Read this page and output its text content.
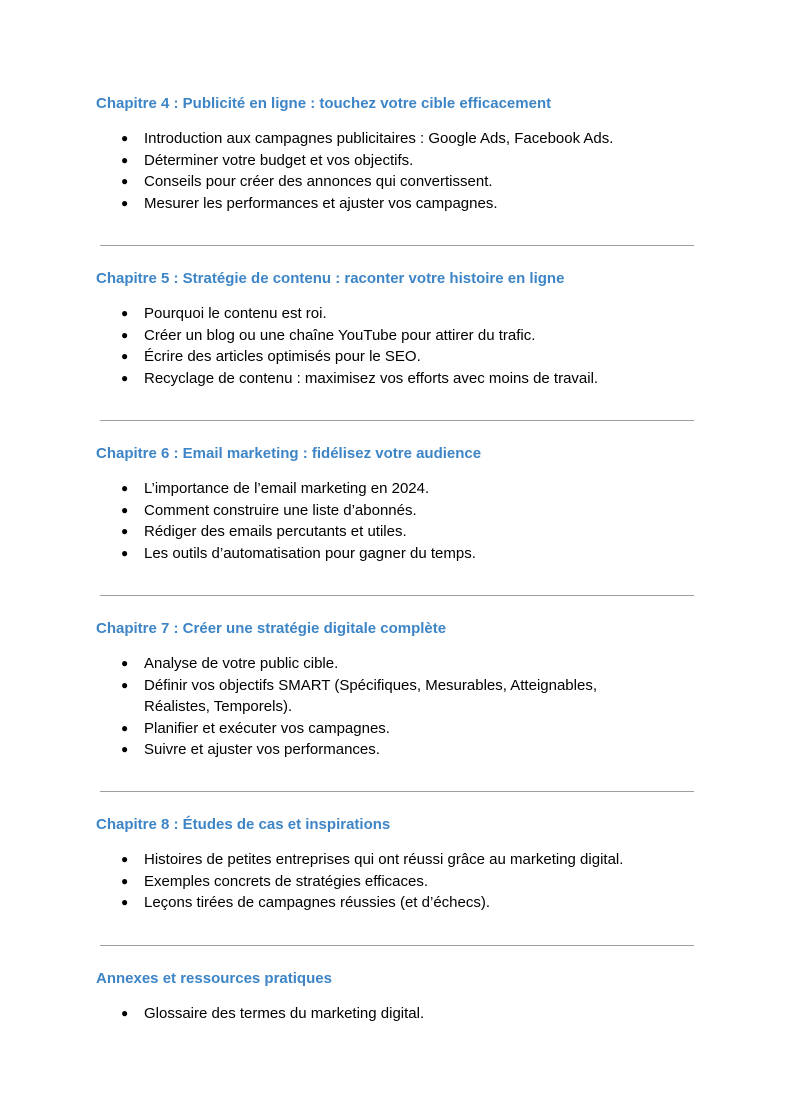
Chapitre 4 : Publicité en ligne : touchez votre cible efficacement
● Introduction aux campagnes publicitaires : Google Ads, Facebook Ads.
● Déterminer votre budget et vos objectifs.
● Conseils pour créer des annonces qui convertissent.
● Mesurer les performances et ajuster vos campagnes.
Chapitre 5 : Stratégie de contenu : raconter votre histoire en ligne
● Pourquoi le contenu est roi.
● Créer un blog ou une chaîne YouTube pour attirer du trafic.
● Écrire des articles optimisés pour le SEO.
● Recyclage de contenu : maximisez vos efforts avec moins de travail.
Chapitre 6 : Email marketing : fidélisez votre audience
● L’importance de l’email marketing en 2024.
● Comment construire une liste d’abonnés.
● Rédiger des emails percutants et utiles.
● Les outils d’automatisation pour gagner du temps.
Chapitre 7 : Créer une stratégie digitale complète
● Analyse de votre public cible.
● Définir vos objectifs SMART (Spécifiques, Mesurables, Atteignables, Réalistes, Temporels).
● Planifier et exécuter vos campagnes.
● Suivre et ajuster vos performances.
Chapitre 8 : Études de cas et inspirations
● Histoires de petites entreprises qui ont réussi grâce au marketing digital.
● Exemples concrets de stratégies efficaces.
● Leçons tirées de campagnes réussies (et d’échecs).
Annexes et ressources pratiques
● Glossaire des termes du marketing digital.
